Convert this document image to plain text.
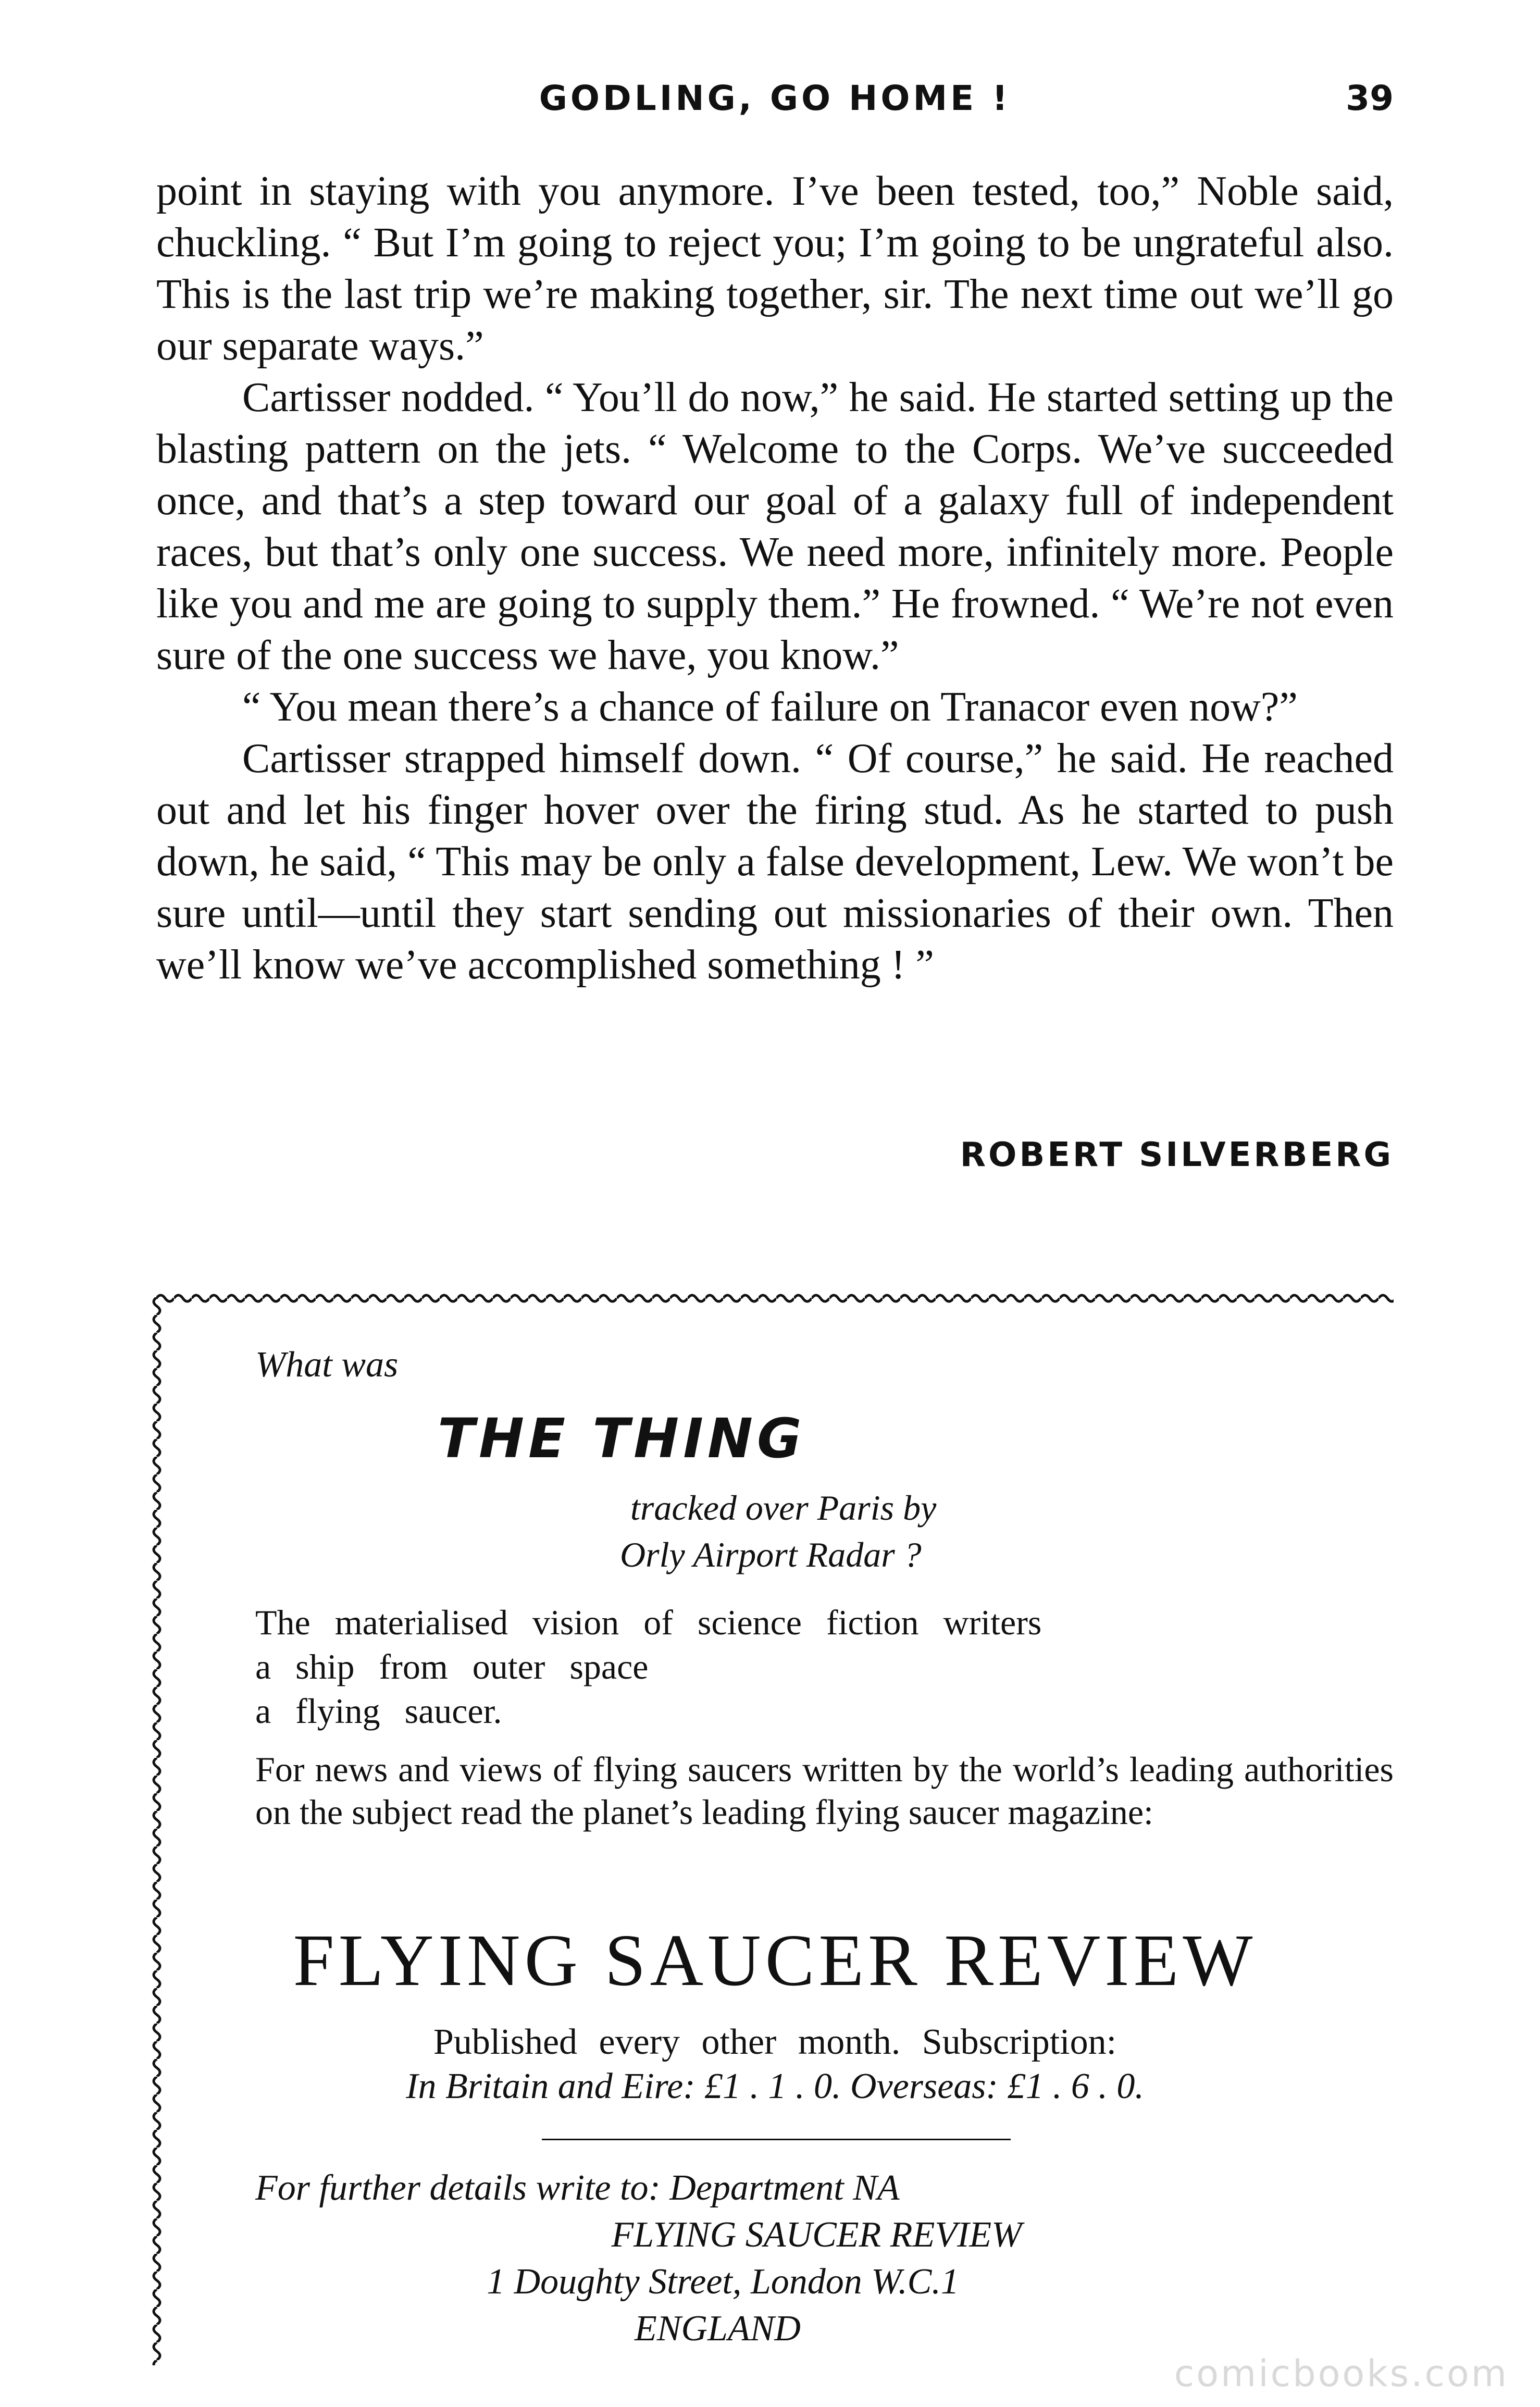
GODLING, GO HOME !	39

point in staying with you anymore. I’ve been tested, too,” Noble said, chuckling. “ But I’m going to reject you; I’m going to be ungrateful also. This is the last trip we’re making together, sir. The next time out we’ll go our separate ways.”

Cartisser nodded. “ You’ll do now,” he said. He started setting up the blasting pattern on the jets. “ Welcome to the Corps. We’ve succeeded once, and that’s a step toward our goal of a galaxy full of independent races, but that’s only one success. We need more, infinitely more. People like you and me are going to supply them.” He frowned. “ We’re not even sure of the one success we have, you know.”

“ You mean there’s a chance of failure on Tranacor even now?”

Cartisser strapped himself down. “ Of course,” he said. He reached out and let his finger hover over the firing stud. As he started to push down, he said, “ This may be only a false development, Lew. We won’t be sure until—until they start sending out missionaries of their own. Then we’ll know we’ve accomplished something ! ”

ROBERT SILVERBERG
What was
THE THING
tracked over Paris by
Orly Airport Radar ?
The materialised vision of science fiction writers
a ship from outer space
a flying saucer.
For news and views of flying saucers written by the world’s leading authorities on the subject read the planet’s leading flying saucer magazine:
FLYING SAUCER REVIEW
Published every other month. Subscription:
In Britain and Eire: £1 . 1 . 0. Overseas: £1 . 6 . 0.
For further details write to: Department NA
FLYING SAUCER REVIEW
1 Doughty Street, London W.C.1
ENGLAND
comicbooks.com
